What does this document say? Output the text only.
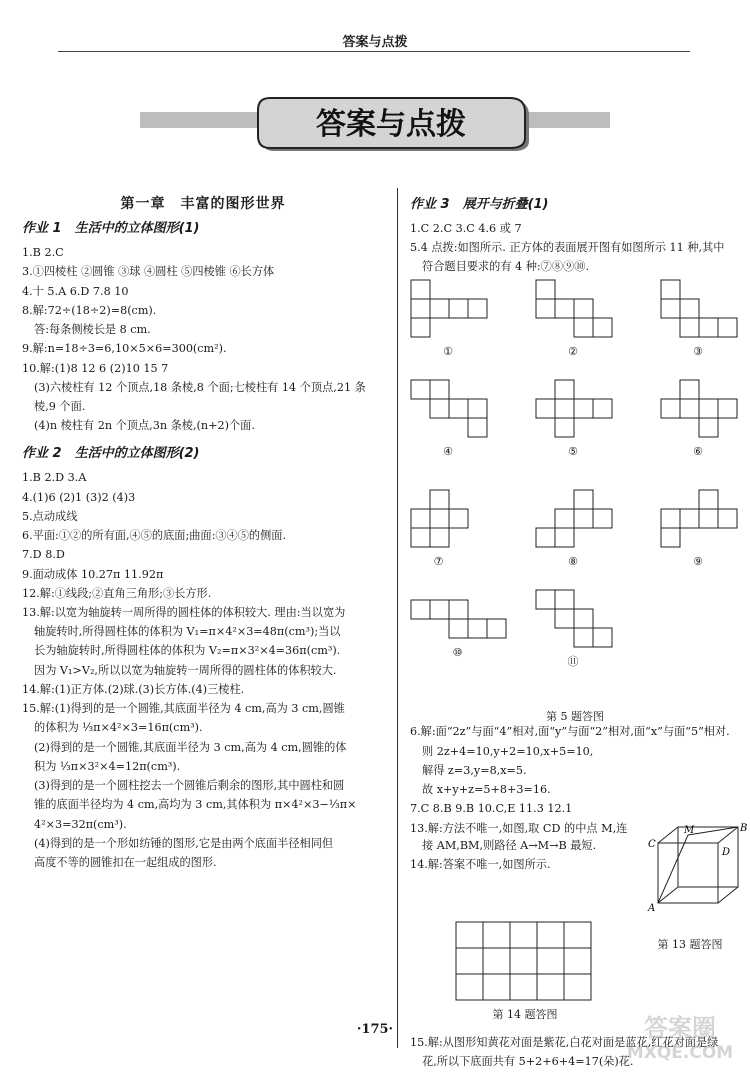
答案与点拨
答案与点拨
第一章　丰富的图形世界
作业 1　生活中的立体图形(1)
1.B 2.C
3.①四棱柱 ②圆锥 ③球 ④圆柱 ⑤四棱锥 ⑥长方体
4.十 5.A 6.D 7.8 10
8.解:72÷(18÷2)=8(cm).
答:每条侧棱长是 8 cm.
9.解:n=18÷3=6,10×5×6=300(cm²).
10.解:(1)8 12 6 (2)10 15 7
(3)六棱柱有 12 个顶点,18 条棱,8 个面;七棱柱有 14 个顶点,21 条
棱,9 个面.
(4)n 棱柱有 2n 个顶点,3n 条棱,(n+2)个面.
作业 2　生活中的立体图形(2)
1.B 2.D 3.A
4.(1)6 (2)1 (3)2 (4)3
5.点动成线
6.平面:①②的所有面,④⑤的底面;曲面:③④⑤的侧面.
7.D 8.D
9.面动成体 10.27π 11.92π
12.解:①线段;②直角三角形;③长方形.
13.解:以宽为轴旋转一周所得的圆柱体的体积较大. 理由:当以宽为
轴旋转时,所得圆柱体的体积为 V₁=π×4²×3=48π(cm³);当以
长为轴旋转时,所得圆柱体的体积为 V₂=π×3²×4=36π(cm³).
因为 V₁>V₂,所以以宽为轴旋转一周所得的圆柱体的体积较大.
14.解:(1)正方体.(2)球.(3)长方体.(4)三棱柱.
15.解:(1)得到的是一个圆锥,其底面半径为 4 cm,高为 3 cm,圆锥
的体积为 ⅓π×4²×3=16π(cm³).
(2)得到的是一个圆锥,其底面半径为 3 cm,高为 4 cm,圆锥的体
积为 ⅓π×3²×4=12π(cm³).
(3)得到的是一个圆柱挖去一个圆锥后剩余的图形,其中圆柱和圆
锥的底面半径均为 4 cm,高均为 3 cm,其体积为 π×4²×3−⅓π×
4²×3=32π(cm³).
(4)得到的是一个形如纺锤的图形,它是由两个底面半径相同但
高度不等的圆锥扣在一起组成的图形.
作业 3　展开与折叠(1)
1.C 2.C 3.C 4.6 或 7
5.4 点拨:如图所示. 正方体的表面展开图有如图所示 11 种,其中
符合题目要求的有 4 种:⑦⑧⑨⑩.
①	②	③
④	⑤	⑥
⑦	⑧	⑨
⑩
⑪
第 5 题答图
6.解:面“2z”与面“4”相对,面“y”与面“2”相对,面“x”与面“5”相对.
则 2z+4=10,y+2=10,x+5=10,
解得 z=3,y=8,x=5.
故 x+y+z=5+8+3=16.
7.C 8.B 9.B 10.C,E 11.3 12.1
13.解:方法不唯一,如图,取 CD 的中点 M,连
接 AM,BM,则路径 A→M→B 最短.
14.解:答案不唯一,如图所示.
C
M
D
B
A
第 13 题答图
第 14 题答图
15.解:从图形知黄花对面是紫花,白花对面是蓝花,红花对面是绿
花,所以下底面共有 5+2+6+4=17(朵)花.
·175·	答案圈
MXQE.COM
